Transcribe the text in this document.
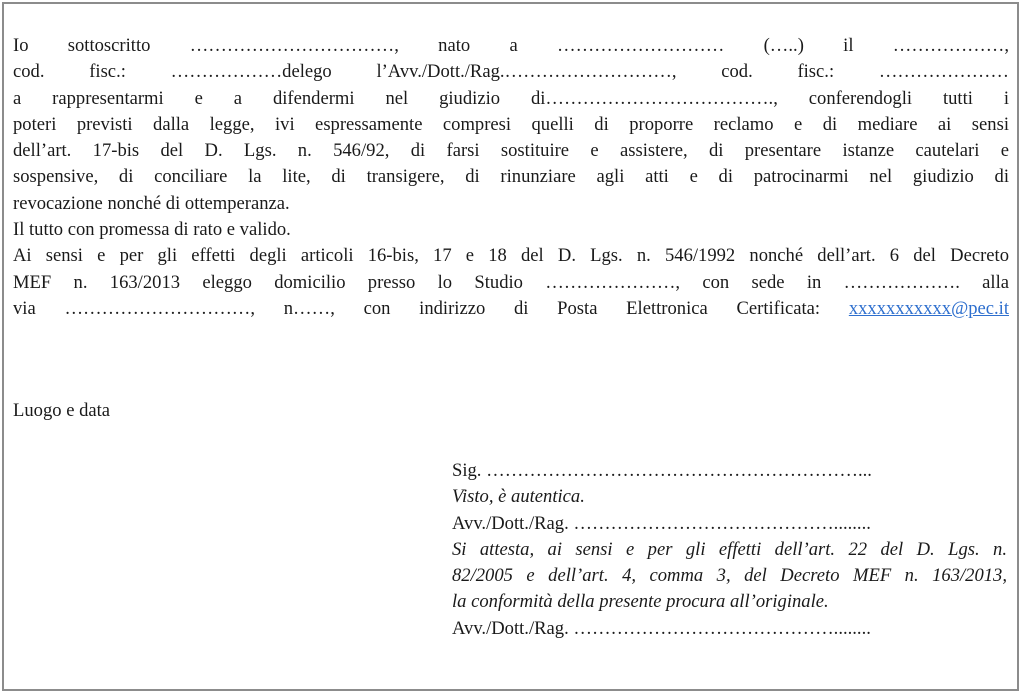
Io sottoscritto ……………………………, nato a ……………………… (…..) il ………………,
cod. fisc.: ………………delego l’Avv./Dott./Rag.………………………, cod. fisc.: …………………
a rappresentarmi e a difendermi nel giudizio di………………………………., conferendogli tutti i
poteri previsti dalla legge, ivi espressamente compresi quelli di proporre reclamo e di mediare ai sensi
dell’art. 17-bis del D. Lgs. n. 546/92, di farsi sostituire e assistere, di presentare istanze cautelari e
sospensive, di conciliare la lite, di transigere, di rinunziare agli atti e di patrocinarmi nel giudizio di
revocazione nonché di ottemperanza.
Il tutto con promessa di rato e valido.
Ai sensi e per gli effetti degli articoli 16-bis, 17 e 18 del D. Lgs. n. 546/1992 nonché dell’art. 6 del Decreto
MEF n. 163/2013 eleggo domicilio presso lo Studio …………………, con sede in ………………. alla
via …………………………, n……, con indirizzo di Posta Elettronica Certificata: xxxxxxxxxxx@pec.it
Luogo e data
Sig. ……………………………………………………...
Visto, è autentica.
Avv./Dott./Rag. ……………………………………........
Si attesta, ai sensi e per gli effetti dell’art. 22 del D. Lgs. n.
82/2005 e dell’art. 4, comma 3, del Decreto MEF n. 163/2013,
la conformità della presente procura all’originale.
Avv./Dott./Rag. ……………………………………........
